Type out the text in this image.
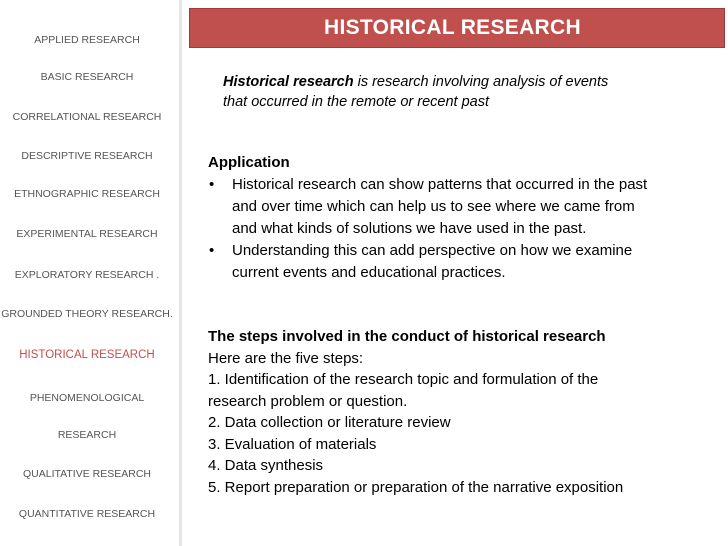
APPLIED RESEARCH
BASIC RESEARCH
CORRELATIONAL RESEARCH
DESCRIPTIVE RESEARCH
ETHNOGRAPHIC RESEARCH
EXPERIMENTAL RESEARCH
EXPLORATORY RESEARCH .
GROUNDED THEORY RESEARCH.
HISTORICAL RESEARCH
PHENOMENOLOGICAL
RESEARCH
QUALITATIVE RESEARCH
QUANTITATIVE RESEARCH
HISTORICAL RESEARCH
Historical research is research involving analysis of events
that occurred in the remote or recent past
Application
• Historical research can show patterns that occurred in the past
and over time which can help us to see where we came from
and what kinds of solutions we have used in the past.
• Understanding this can add perspective on how we examine
current events and educational practices.
The steps involved in the conduct of historical research
Here are the five steps:
1. Identification of the research topic and formulation of the
research problem or question.
2. Data collection or literature review
3. Evaluation of materials
4. Data synthesis
5. Report preparation or preparation of the narrative exposition
